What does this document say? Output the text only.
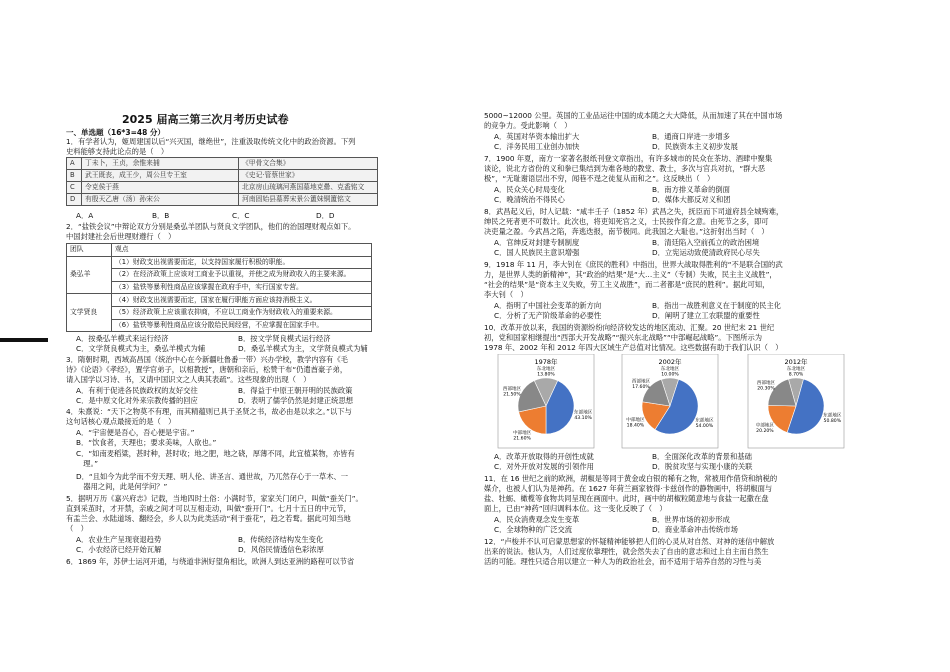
2025 届高三第三次月考历史试卷
一、单选题（16*3=48 分）
1．有学者认为，姬周建国以后“兴灭国，继绝世”，注重汲取传统文化中的政治资源。下列
史料能够支持此论点的是（　）
A	丁未卜，王贞，余惟来捕	《甲骨文合集》
B	武王既丧，成王少，周公旦专王室	《史记·管蔡世家》
C	令克侯于燕	北京房山琉璃河燕国墓地克罍、克盉铭文
D	有殷天乙唐（汤）孙宋公	河南固始县墓葬宋景公簠妹铜簠铭文
A．A	B．B	C．C	D．D
2．“盐铁会议”中辩论双方分别是桑弘羊团队与贤良文学团队，他们的治国理财观点如下。
中国封建社会后世理财遵行（　）
团队	观点
桑弘羊	（1）财政支出视需要而定，以支持国家履行积极的职能。
	（2）在经济政策上应该对工商业予以重视，并使之成为财政收入的主要来源。
	（3）盐铁等暴利性商品应该掌握在政府手中，实行国家专营。
文学贤良	（4）财政支出视需要而定，国家在履行职能方面应该持消极主义。
	（5）经济政策上应该重农抑商，不应以工商业作为财政收入的重要来源。
	（6）盐铁等暴利性商品应该分散给民间经营，不应掌握在国家手中。
A．按桑弘羊模式来运行经济	B．按文学贤良模式运行经济
C．文学贤良模式为主，桑弘羊模式为辅	D．桑弘羊模式为主，文学贤良模式为辅
3．隋朝时期，西域高昌国（统治中心在今新疆吐鲁番一带）兴办学校，教学内容有《毛
诗》《论语》《孝经》，置学官弟子，以相教授”，唐朝和亲后，松赞干布“仍遣酋豪子弟，
请入国学以习诗、书，又请中国识文之人典其表疏”。这些现象的出现（　）
A．有利于促进各民族政权的友好交往	B．得益于中原王朝开明的民族政策
C．是中原文化对外来宗教传播的回应	D．表明了儒学仍然是封建正统思想
4．朱熹说：“天下之物莫不有理，而其精蕴则已具于圣贤之书，故必由是以求之。”以下与
这句话核心观点最接近的是（　）
A．“宇宙便是吾心，吾心便是宇宙。”
B．“饮食者，天理也；要求美味，人欲也。”
C．“如南麦稻粱，甚时种，甚时收；地之肥，地之硗，厚薄不同，此宜植某物，亦皆有
　理。”
D．“且如今为此学而不穷天理、明人伦、讲圣言、通世故，乃兀然存心于一草木、一
　器用之间，此是何学问？”
5．据明万历《嘉兴府志》记载，当地四时土俗：小满时节，家家关门闭户，叫做“蚕关门”。
直到采茧时，才开禁，亲戚之间才可以互相走动，叫做“蚕开门”。七月十五日的中元节，
有盂兰会、水陆道场、翻经会，乡人以为此类活动“利于蚕花”，趋之若鹜。据此可知当地
（　）
A．农业生产呈现衰退趋势	B．传统经济结构发生变化
C．小农经济已经开始瓦解	D．风俗民情透信色彩浓厚
6．1869 年，苏伊士运河开通，与绕道非洲好望角相比，欧洲人到达亚洲的路程可以节省
5000~12000 公里。英国的工业品运往中国的成本随之大大降低，从而加速了其在中国市场
的竞争力。受此影响（　）
A．英国对华资本输出扩大	B．通商口岸进一步增多
C．洋务民用工业创办加快	D．民族资本主义初步发展
7．1900 年夏，南方一家著名报纸刊登文章指出，有许多城市的民众在茶坊、酒肆中聚集
谈论，说北方省份的义和拳已集结到为难各地的教堂、教士，多次与官兵对抗，“群大恶
极”，“无耻谢语层出不穷，闻巷不逞之徒复从而和之”。这反映出（　）
A．民众关心时局变化	B．南方排义革命的倒面
C．晚清统治不得民心	D．媒体大都反对义和团
8．武昌起义后，时人记载：“咸丰壬子（1852 年）武昌之失，抚臣而下司道府县全城殉难，
绅民之死者更不可数计。此次也，将吏知死官之义，士民按作育之意。由死节之多，即可
决吏量之盈。今武昌之陷，奔逃迭报，南节极同。此我国之大耻也。”这折射出当时（　）
A．官绅反对封建专制制度	B．清廷陷入空前孤立的政治困境
C．国人民族民主意识增强	D．立宪运动致使清政府民心尽失
9．1918 年 11 月，李大钊在《庶民的胜利》中指出，世界大战取得胜利的“不是联合国的武
力，是世界人类的新精神”，其“政治的结果”是“大…主义”（专制）失败，民主主义战胜”，
“社会的结果”是“资本主义失败，劳工主义战胜”，而二者都是“庶民的胜利”。据此可知，
李大钊（　）
A．指明了中国社会变革的新方向	B．指出一战胜利意义在于制度的民主化
C．分析了无产阶级革命的必要性	D．阐明了建立工农联盟的重要性
10．改革开放以来，我国的资源纷纷向经济较发达的地区流动、汇聚。20 世纪末 21 世纪
初，党和国家相继提出“西部大开发战略”“振兴东北战略”“中部崛起战略”。下图所示为
1978 年、2002 年和 2012 年四大区域生产总值对比情况。这些数据有助于我们认识（　）
1978年
东北地区
13.80%
东部地区
43.10%
中部地区
21.60%
西部地区
21.50%
2002年
东北地区
10.00%
东部地区
54.00%
中部地区
18.40%
西部地区
17.60%
2012年
东北地区
8.70%
东部地区
50.80%
中部地区
20.20%
西部地区
20.30%
A．改革开放取得的开创性成就	B．全面深化改革的背景和基础
C．对外开放对发展的引领作用	D．脱贫攻坚与实现小康的关联
11．在 16 世纪之前的欧洲，胡椒是等同于黄金或白银的稀有之物，常被用作借贷和纳税的
媒介，也被人们认为是神药。在 1627 年荷兰画家彼得·卡兹创作的静物画中，将胡椒面与
盐、牡蛎、橄榄等食物共同呈现在画面中。此时，画中的胡椒粒随意地与食盐一起撒在盘
面上，已由“神药”回归调料本位。这一变化反映了（　）
A．民众消费观念发生变革	B．世界市场的初步形成
C．全球物种的广泛交流	D．商业革命冲击传统市场
12．“卢梭并不认可启蒙思想家的怀疑精神能够把人们的心灵从对自然、对神的迷信中解放
出来的说法。他认为，人们过度依靠理性，就会然失去了自由的意志和过上自主而自然生
活的可能。理性只适合用以建立一种人为的政治社会，而不适用于培养自然的习性与美
